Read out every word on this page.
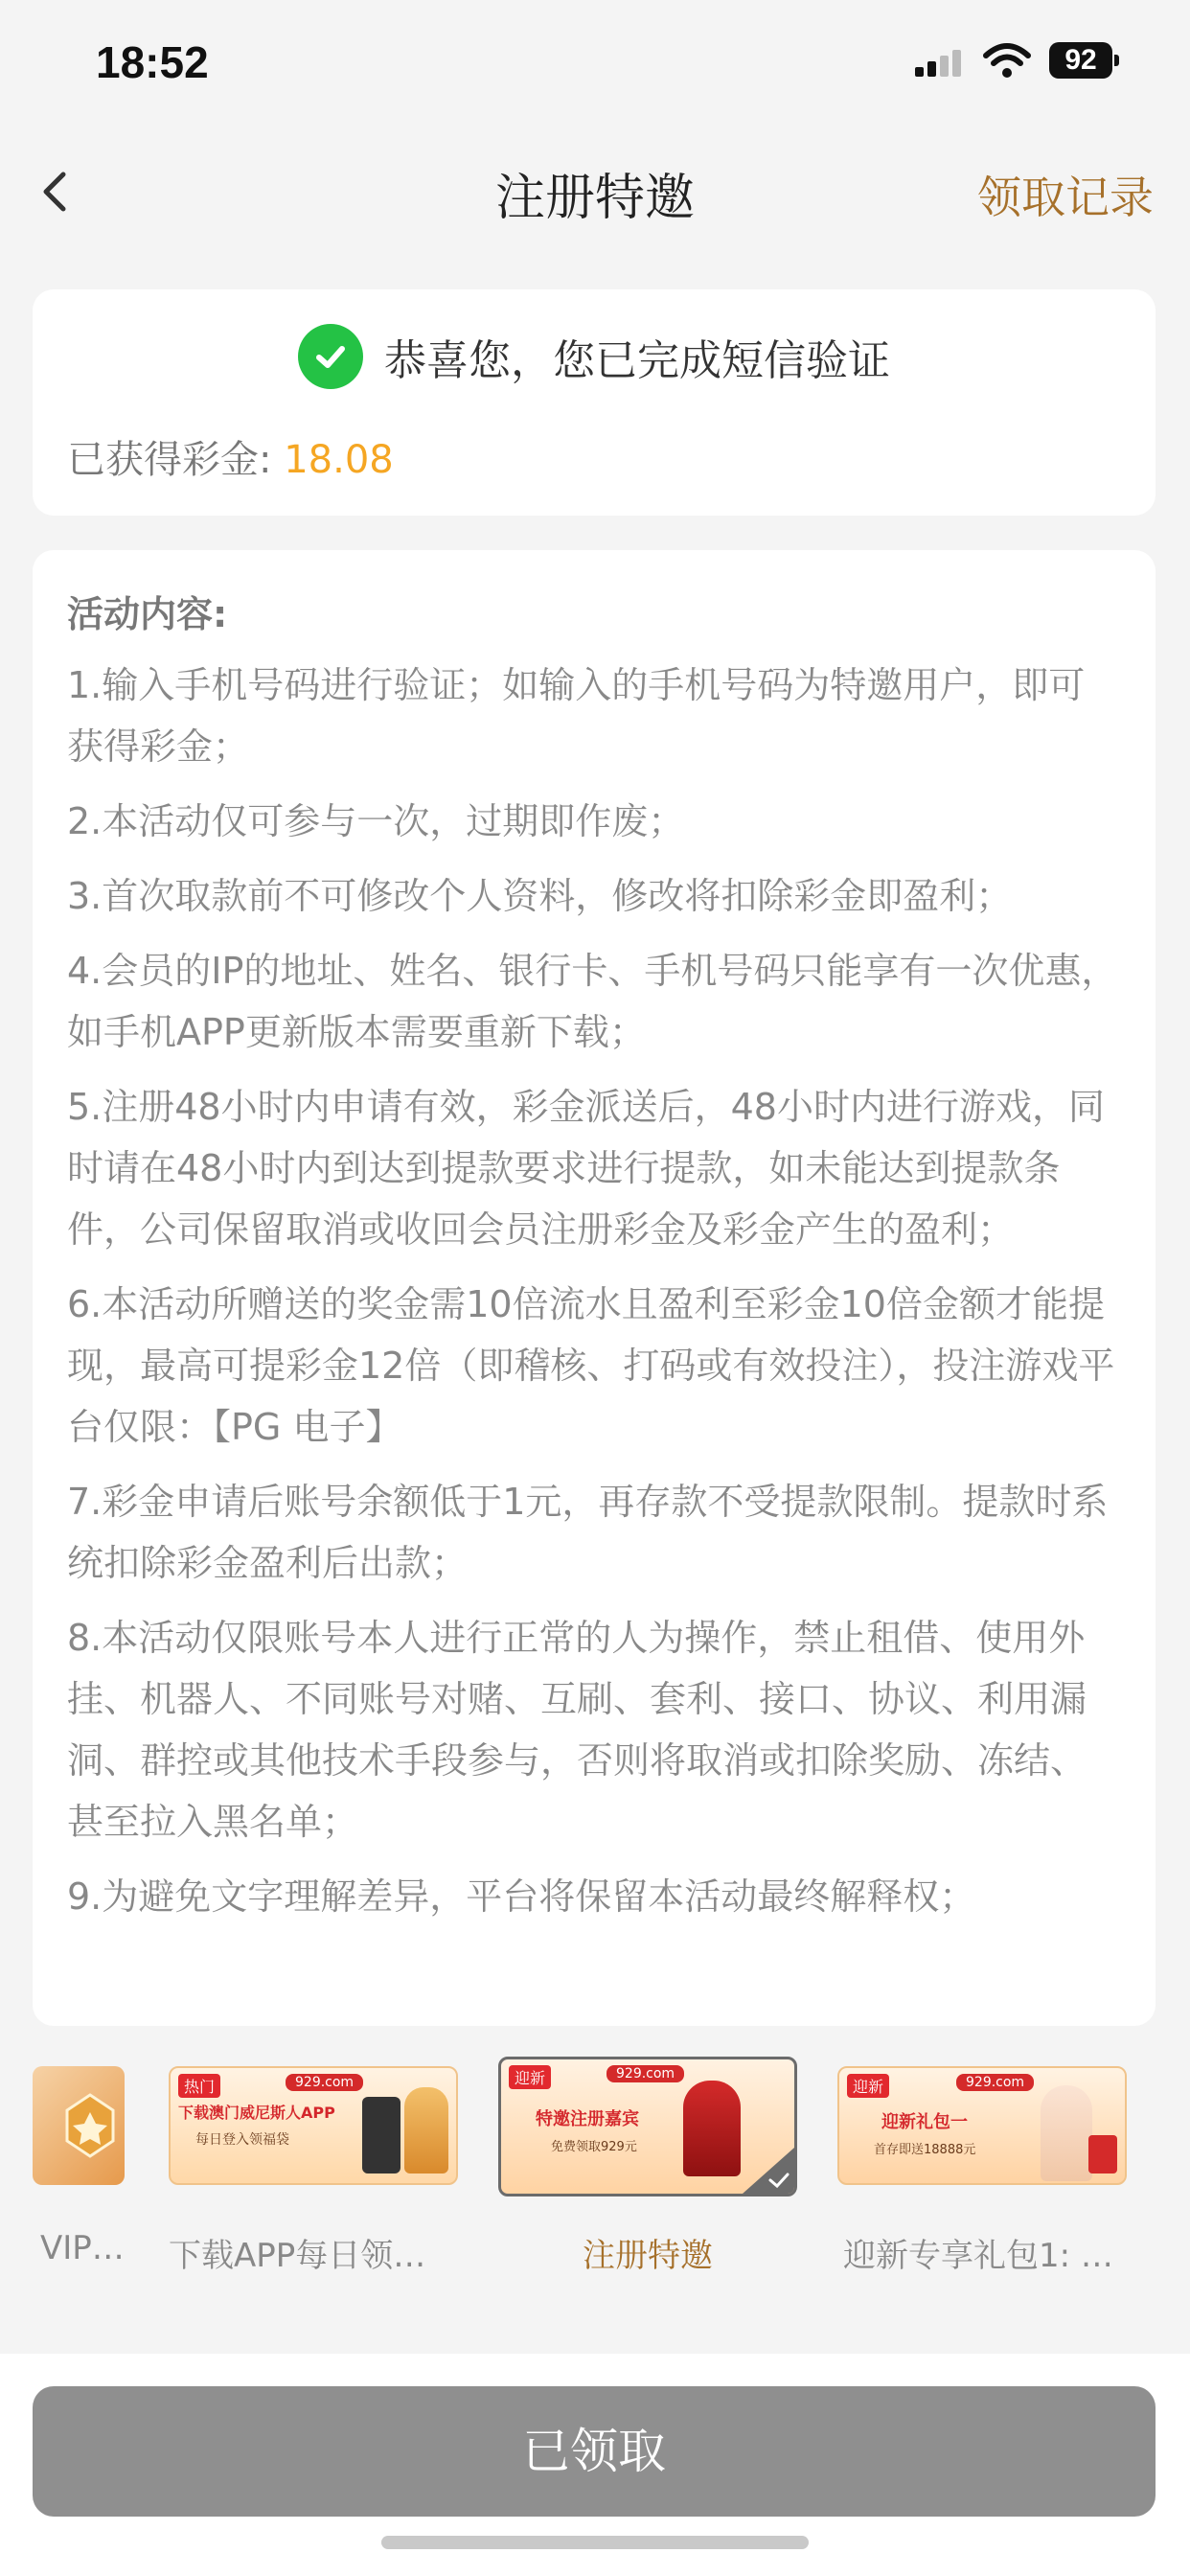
18:52	92
注册特邀	领取记录
恭喜您，您已完成短信验证
已获得彩金: 18.08
活动内容:
1.输入手机号码进行验证；如输入的手机号码为特邀用户，即可获得彩金；
2.本活动仅可参与一次，过期即作废；
3.首次取款前不可修改个人资料，修改将扣除彩金即盈利；
4.会员的IP的地址、姓名、银行卡、手机号码只能享有一次优惠，如手机APP更新版本需要重新下载；
5.注册48小时内申请有效，彩金派送后，48小时内进行游戏，同时请在48小时内到达到提款要求进行提款，如未能达到提款条件，公司保留取消或收回会员注册彩金及彩金产生的盈利；
6.本活动所赠送的奖金需10倍流水且盈利至彩金10倍金额才能提现，最高可提彩金12倍（即稽核、打码或有效投注），投注游戏平台仅限：【PG 电子】
7.彩金申请后账号余额低于1元，再存款不受提款限制。提款时系统扣除彩金盈利后出款；
8.本活动仅限账号本人进行正常的人为操作，禁止租借、使用外挂、机器人、不同账号对赌、互刷、套利、接口、协议、利用漏洞、群控或其他技术手段参与，否则将取消或扣除奖励、冻结、甚至拉入黑名单；
9.为避免文字理解差异，平台将保留本活动最终解释权；
VIP…
热门	929.com
下载澳门威尼斯人APP
每日登入领福袋
下载APP每日领福…
迎新	929.com
特邀注册嘉宾
免费领取929元
注册特邀
迎新	929.com
迎新礼包一
首存即送18888元
迎新专享礼包1: …
已领取
